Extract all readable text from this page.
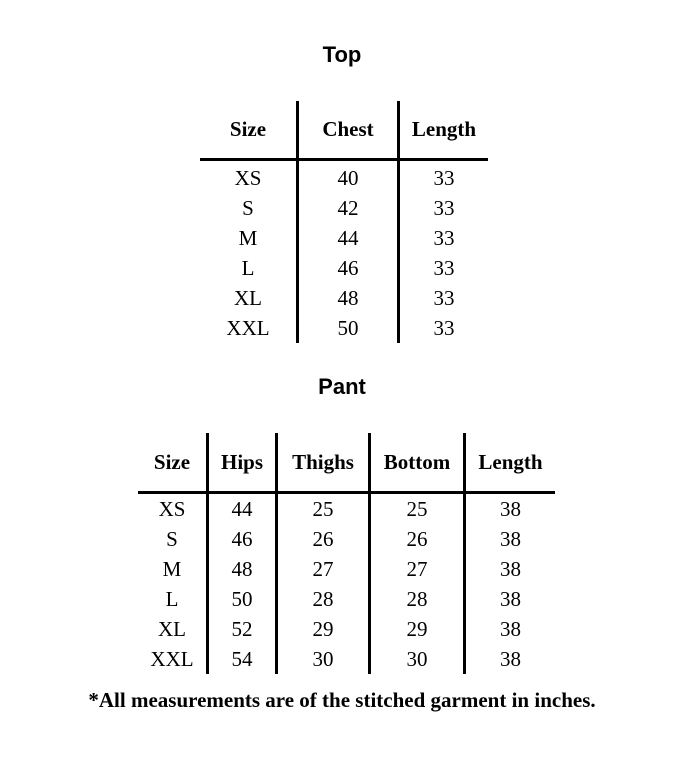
Top
Size	Chest	Length
XS	40	33
S	42	33
M	44	33
L	46	33
XL	48	33
XXL	50	33
Pant
Size	Hips	Thighs	Bottom	Length
XS	44	25	25	38
S	46	26	26	38
M	48	27	27	38
L	50	28	28	38
XL	52	29	29	38
XXL	54	30	30	38
*All measurements are of the stitched garment in inches.
